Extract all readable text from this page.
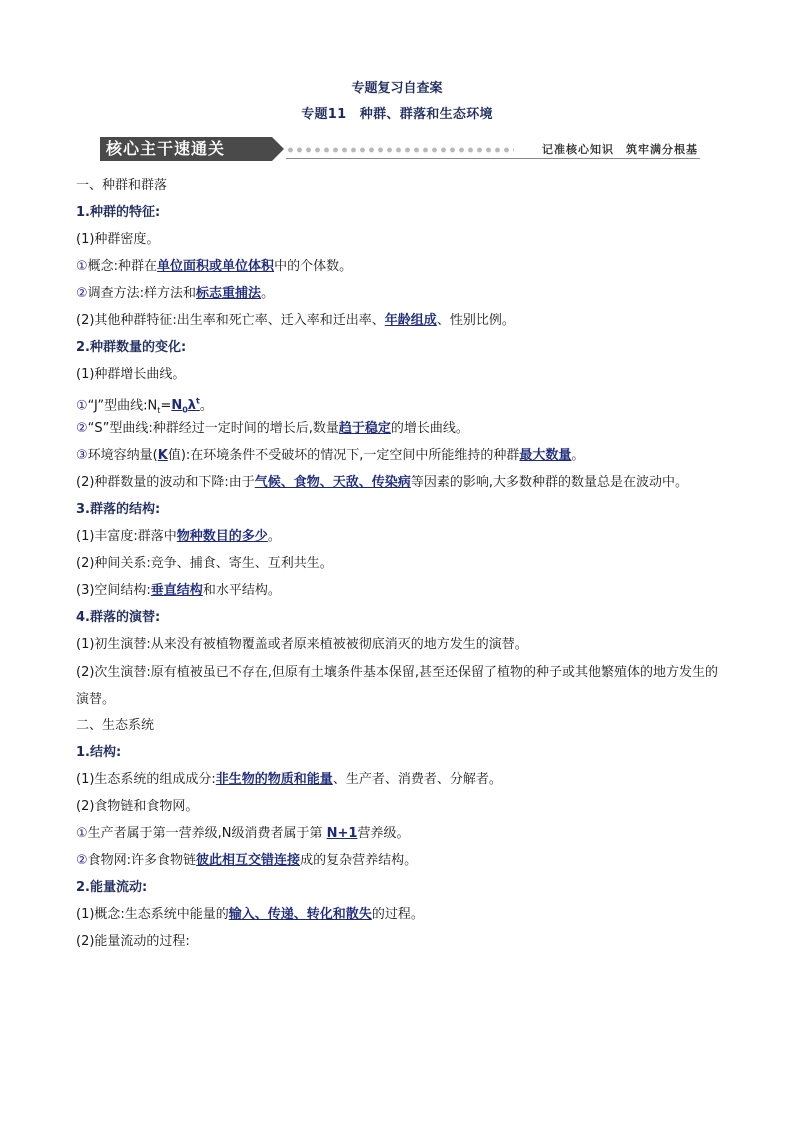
专题复习自查案
专题11　种群、群落和生态环境
核心主干速通关	记准核心知识　筑牢满分根基
一、种群和群落
1.种群的特征:
(1)种群密度。
①概念:种群在单位面积或单位体积中的个体数。
②调查方法:样方法和标志重捕法。
(2)其他种群特征:出生率和死亡率、迁入率和迁出率、年龄组成、性别比例。
2.种群数量的变化:
(1)种群增长曲线。
①“J”型曲线$:N_t=N_0\lambda^t$。
②“S”型曲线:种群经过一定时间的增长后,数量趋于稳定的增长曲线。
③环境容纳量(K值):在环境条件不受破坏的情况下,一定空间中所能维持的种群最大数量。
(2)种群数量的波动和下降:由于气候、食物、天敌、传染病等因素的影响,大多数种群的数量总是在波动中。
3.群落的结构:
(1)丰富度:群落中物种数目的多少。
(2)种间关系:竞争、捕食、寄生、互利共生。
(3)空间结构:垂直结构和水平结构。
4.群落的演替:
(1)初生演替:从来没有被植物覆盖或者原来植被被彻底消灭的地方发生的演替。
(2)次生演替:原有植被虽已不存在,但原有土壤条件基本保留,甚至还保留了植物的种子或其他繁殖体的地方发生的演替。
二、生态系统
1.结构:
(1)生态系统的组成成分:非生物的物质和能量、生产者、消费者、分解者。
(2)食物链和食物网。
①生产者属于第一营养级,N级消费者属于第 N+1营养级。
②食物网:许多食物链彼此相互交错连接成的复杂营养结构。
2.能量流动:
(1)概念:生态系统中能量的输入、传递、转化和散失的过程。
(2)能量流动的过程:
